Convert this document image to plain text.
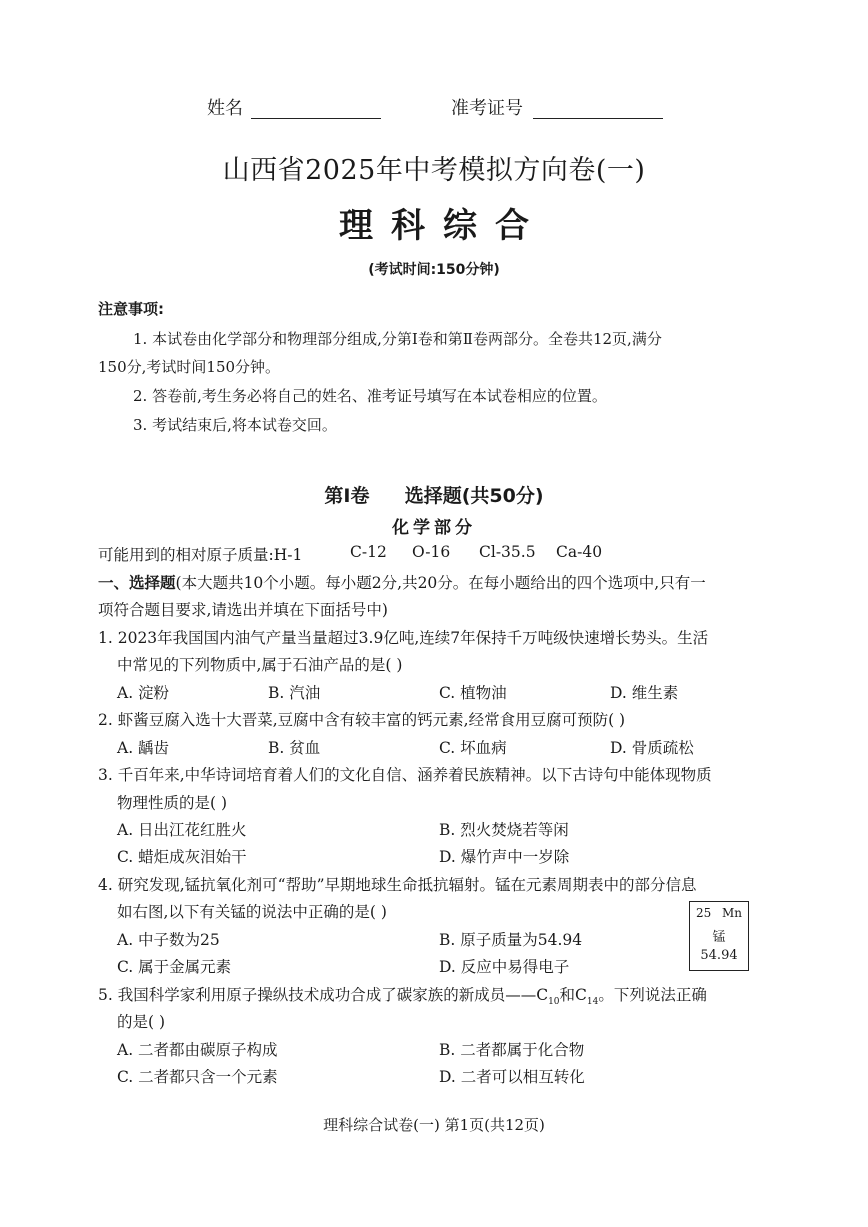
姓名	准考证号
山西省2025年中考模拟方向卷(一)
理科综合
(考试时间:150分钟)
注意事项:
1. 本试卷由化学部分和物理部分组成,分第Ⅰ卷和第Ⅱ卷两部分。全卷共12页,满分
150分,考试时间150分钟。
2. 答卷前,考生务必将自己的姓名、准考证号填写在本试卷相应的位置。
3. 考试结束后,将本试卷交回。
第Ⅰ卷 选择题(共50分)
化学部分
可能用到的相对原子质量:H-1	C-12 O-16 Cl-35.5 Ca-40
一、选择题(本大题共10个小题。每小题2分,共20分。在每小题给出的四个选项中,只有一
项符合题目要求,请选出并填在下面括号中)
1. 2023年我国国内油气产量当量超过3.9亿吨,连续7年保持千万吨级快速增长势头。生活
中常见的下列物质中,属于石油产品的是( )
A. 淀粉	B. 汽油	C. 植物油	D. 维生素
2. 虾酱豆腐入选十大晋菜,豆腐中含有较丰富的钙元素,经常食用豆腐可预防( )
A. 龋齿	B. 贫血	C. 坏血病	D. 骨质疏松
3. 千百年来,中华诗词培育着人们的文化自信、涵养着民族精神。以下古诗句中能体现物质
物理性质的是( )
A. 日出江花红胜火	B. 烈火焚烧若等闲
C. 蜡炬成灰泪始干	D. 爆竹声中一岁除
4. 研究发现,锰抗氧化剂可“帮助”早期地球生命抵抗辐射。锰在元素周期表中的部分信息
如右图,以下有关锰的说法中正确的是( )
A. 中子数为25	B. 原子质量为54.94
C. 属于金属元素	D. 反应中易得电子
25 Mn
锰
54.94
5. 我国科学家利用原子操纵技术成功合成了碳家族的新成员$——C_{10}$和$C_{14}$。下列说法正确
的是( )
A. 二者都由碳原子构成	B. 二者都属于化合物
C. 二者都只含一个元素	D. 二者可以相互转化
理科综合试卷(一) 第1页(共12页)
